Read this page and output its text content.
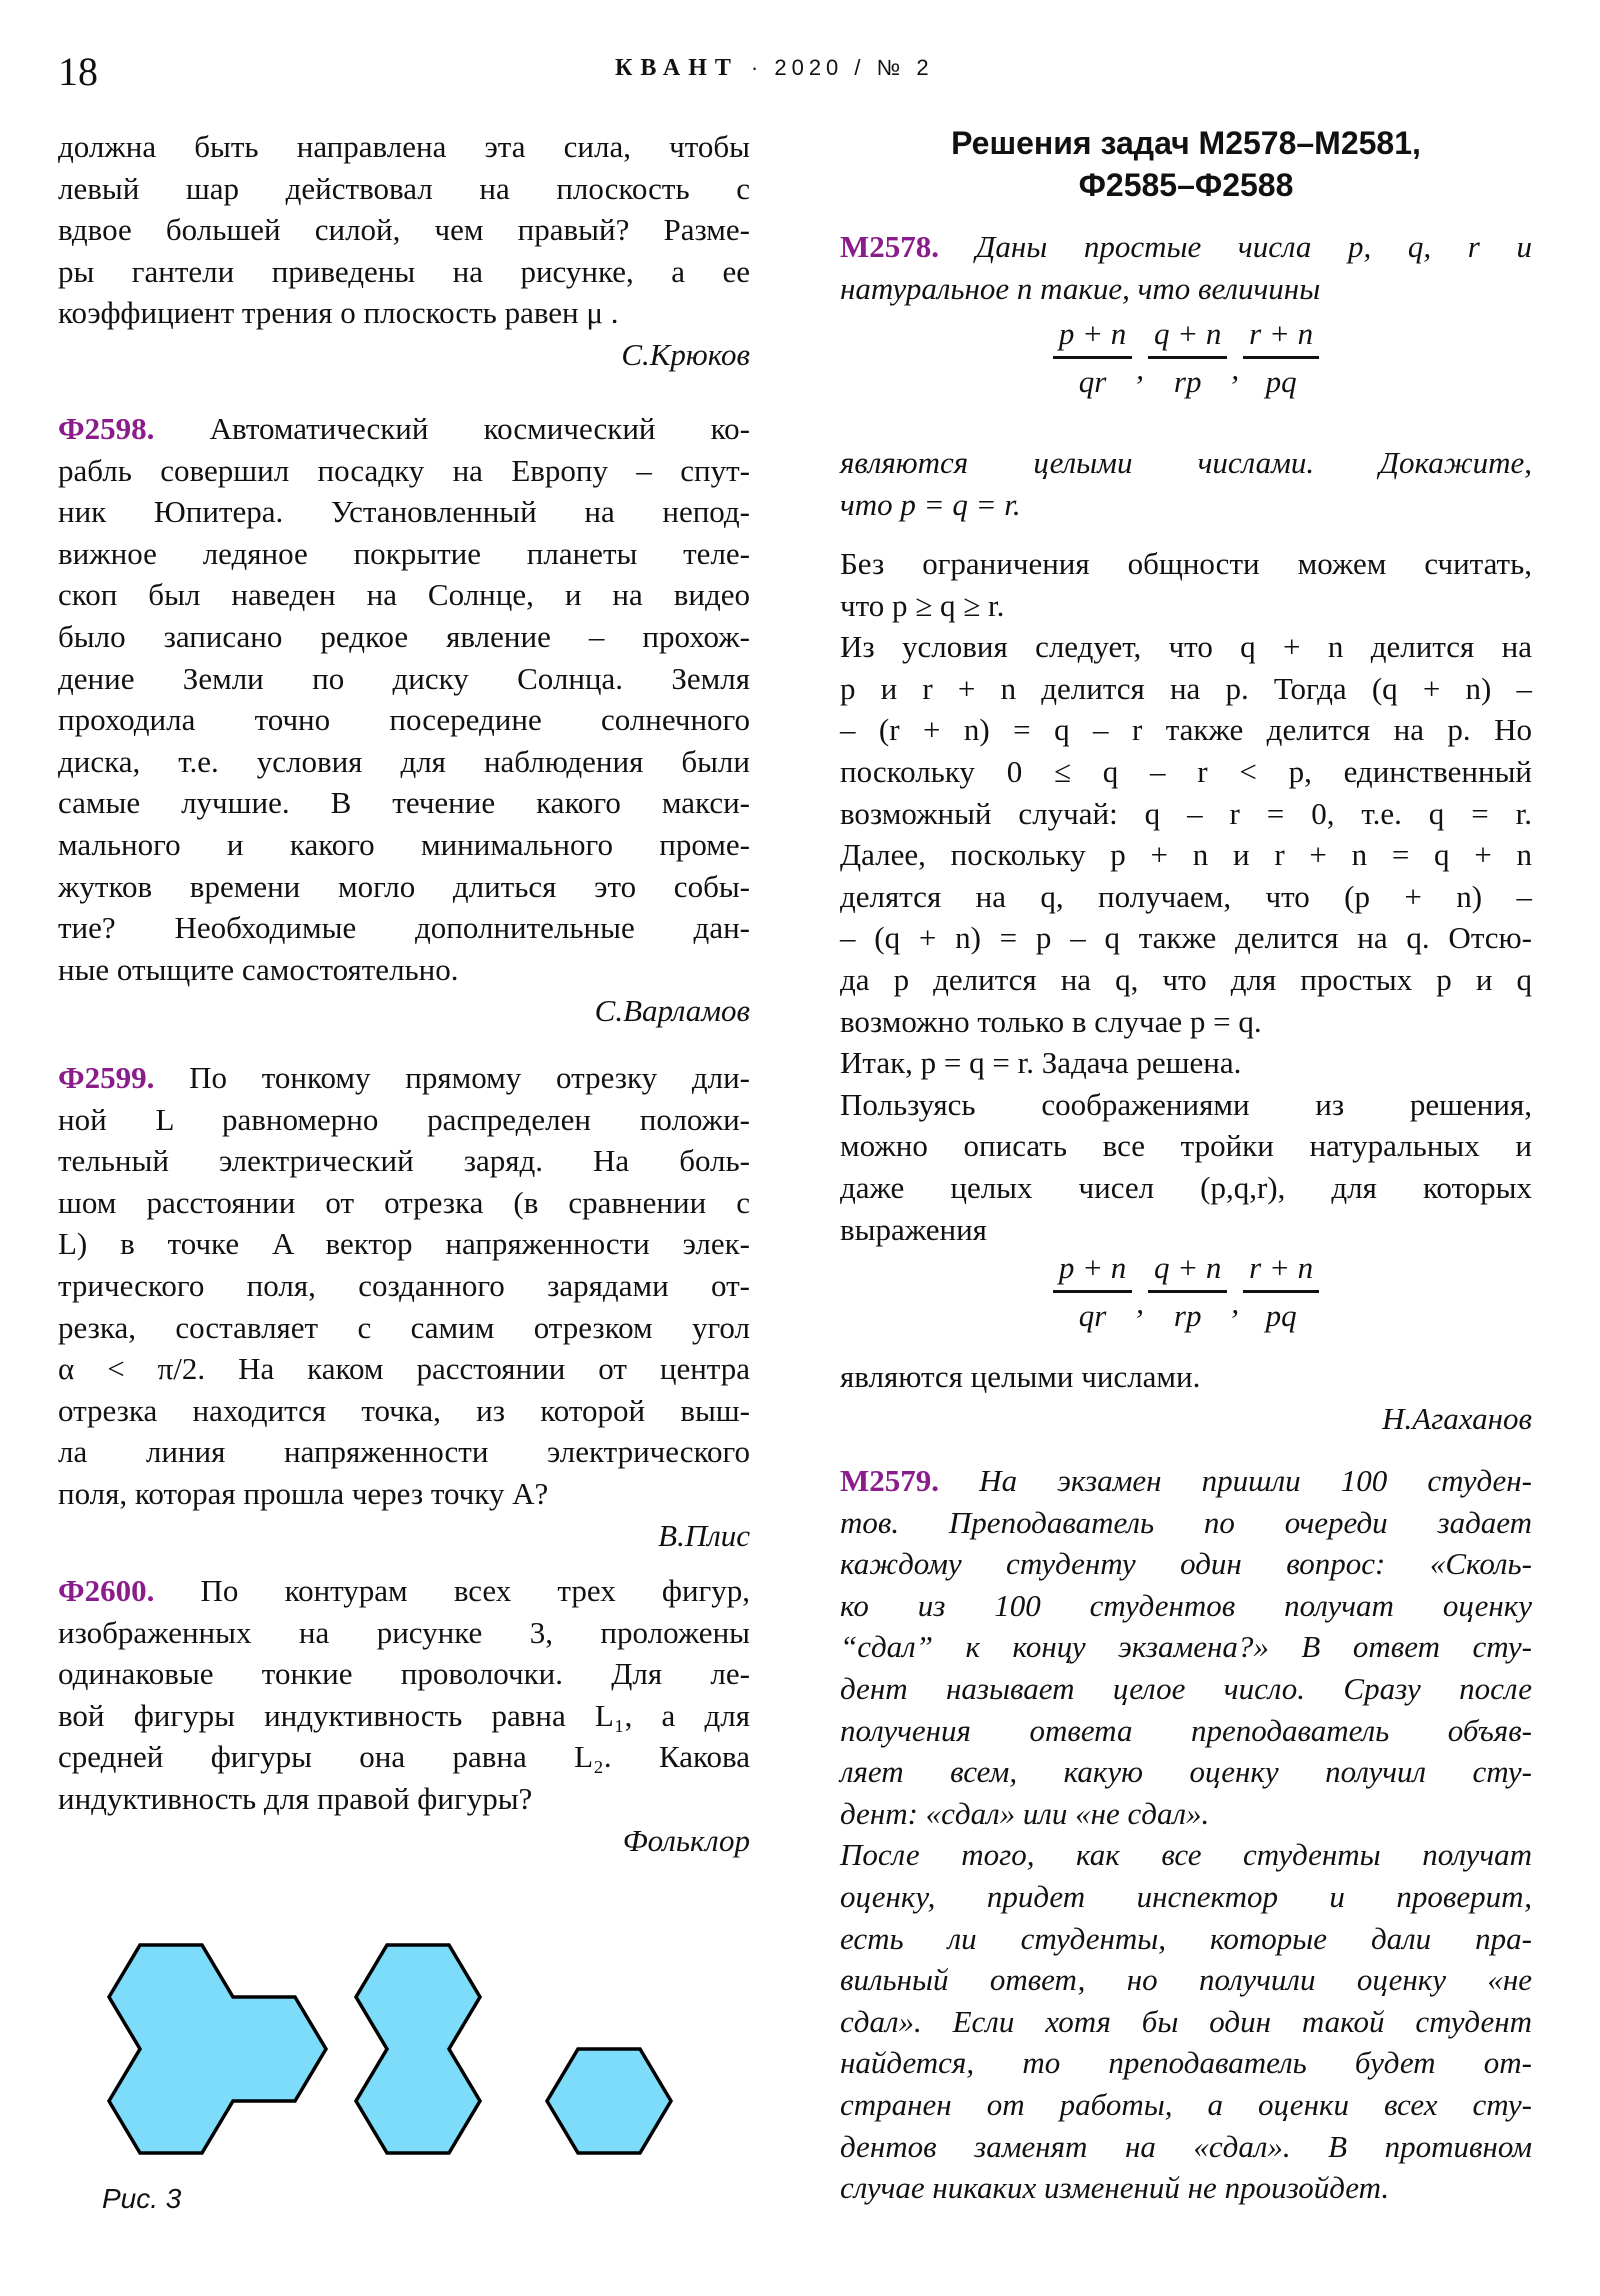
18	КВАНТ · 2020 / № 2
Решения задач М2578–М2581,
Ф2585–Ф2588
должна быть направлена эта сила, чтобы
левый шар действовал на плоскость с
вдвое большей силой, чем правый? Разме-
ры гантели приведены на рисунке, а ее
коэффициент трения о плоскость равен μ .
С.Крюков
Ф2598. Автоматический космический ко-
рабль совершил посадку на Европу – спут-
ник Юпитера. Установленный на непод-
вижное ледяное покрытие планеты теле-
скоп был наведен на Солнце, и на видео
было записано редкое явление – прохож-
дение Земли по диску Солнца. Земля
проходила точно посередине солнечного
диска, т.е. условия для наблюдения были
самые лучшие. В течение какого макси-
мального и какого минимального проме-
жутков времени могло длиться это собы-
тие? Необходимые дополнительные дан-
ные отыщите самостоятельно.
С.Варламов
Ф2599. По тонкому прямому отрезку дли-
ной L равномерно распределен положи-
тельный электрический заряд. На боль-
шом расстоянии от отрезка (в сравнении с
L) в точке A вектор напряженности элек-
трического поля, созданного зарядами от-
резка, составляет с самим отрезком угол
α < π/2. На каком расстоянии от центра
отрезка находится точка, из которой выш-
ла линия напряженности электрического
поля, которая прошла через точку A?
В.Плис
Ф2600. По контурам всех трех фигур,
изображенных на рисунке 3, проложены
одинаковые тонкие проволочки. Для ле-
вой фигуры индуктивность равна L₁, а для
средней фигуры она равна L₂. Какова
индуктивность для правой фигуры?
Фольклор
М2578. Даны простые числа p, q, r и
натуральное n такие, что величины
$\frac{p + n}{qr}$ , $\frac{q + n}{rp}$ , $\frac{r + n}{pq}$
являются целыми числами. Докажите,
что p = q = r.
Без ограничения общности можем считать,
что p ≥ q ≥ r.
Из условия следует, что q + n делится на
p и r + n делится на p. Тогда (q + n) –
– (r + n) = q – r также делится на p. Но
поскольку 0 ≤ q – r < p, единственный
возможный случай: q – r = 0, т.е. q = r.
Далее, поскольку p + n и r + n = q + n
делятся на q, получаем, что (p + n) –
– (q + n) = p – q также делится на q. Отсю-
да p делится на q, что для простых p и q
возможно только в случае p = q.
Итак, p = q = r. Задача решена.
Пользуясь соображениями из решения,
можно описать все тройки натуральных и
даже целых чисел (p,q,r), для которых
выражения
$\frac{p + n}{qr}$ , $\frac{q + n}{rp}$ , $\frac{r + n}{pq}$
являются целыми числами.
Н.Агаханов
М2579. На экзамен пришли 100 студен-
тов. Преподаватель по очереди задает
каждому студенту один вопрос: «Сколь-
ко из 100 студентов получат оценку
“сдал” к концу экзамена?» В ответ сту-
дент называет целое число. Сразу после
получения ответа преподаватель объяв-
ляет всем, какую оценку получил сту-
дент: «сдал» или «не сдал».
После того, как все студенты получат
оценку, придет инспектор и проверит,
есть ли студенты, которые дали пра-
вильный ответ, но получили оценку «не
сдал». Если хотя бы один такой студент
найдется, то преподаватель будет от-
странен от работы, а оценки всех сту-
дентов заменят на «сдал». В противном
случае никаких изменений не произойдет.
Рис. 3
